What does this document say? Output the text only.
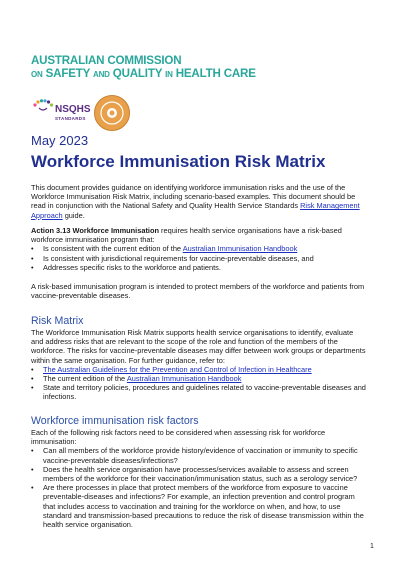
AUSTRALIAN COMMISSION
ON SAFETY AND QUALITY IN HEALTH CARE
NSQHS
STANDARDS
May 2023
Workforce Immunisation Risk Matrix
This document provides guidance on identifying workforce immunisation risks and the use of the Workforce Immunisation Risk Matrix, including scenario-based examples. This document should be read in conjunction with the National Safety and Quality Health Service Standards Risk Management Approach guide.
Action 3.13 Workforce Immunisation requires health service organisations have a risk-based workforce immunisation program that:
• Is consistent with the current edition of the Australian Immunisation Handbook
• Is consistent with jurisdictional requirements for vaccine-preventable diseases, and
• Addresses specific risks to the workforce and patients.
A risk-based immunisation program is intended to protect members of the workforce and patients from vaccine-preventable diseases.
Risk Matrix
The Workforce Immunisation Risk Matrix supports health service organisations to identify, evaluate and address risks that are relevant to the scope of the role and function of the members of the workforce. The risks for vaccine-preventable diseases may differ between work groups or departments within the same organisation. For further guidance, refer to:
• The Australian Guidelines for the Prevention and Control of Infection in Healthcare
• The current edition of the Australian Immunisation Handbook
• State and territory policies, procedures and guidelines related to vaccine-preventable diseases and infections.
Workforce immunisation risk factors
Each of the following risk factors need to be considered when assessing risk for workforce immunisation:
• Can all members of the workforce provide history/evidence of vaccination or immunity to specific vaccine-preventable diseases/infections?
• Does the health service organisation have processes/services available to assess and screen members of the workforce for their vaccination/immunisation status, such as a serology service?
• Are there processes in place that protect members of the workforce from exposure to vaccine preventable-diseases and infections? For example, an infection prevention and control program that includes access to vaccination and training for the workforce on when, and how, to use standard and transmission-based precautions to reduce the risk of disease transmission within the health service organisation.
1
